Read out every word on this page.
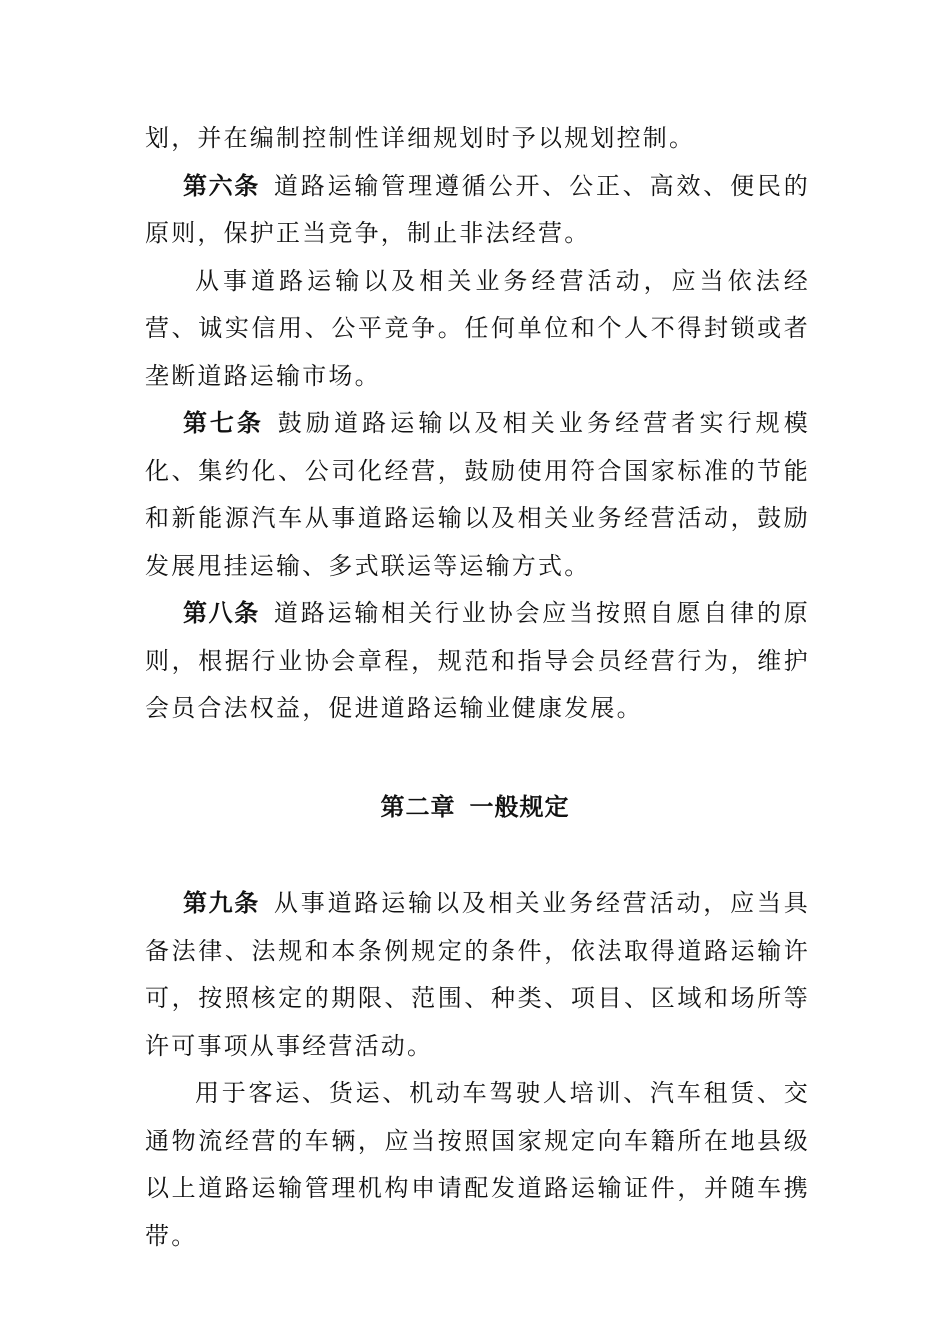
划，并在编制控制性详细规划时予以规划控制。

第六条 道路运输管理遵循公开、公正、高效、便民的原则，保护正当竞争，制止非法经营。

从事道路运输以及相关业务经营活动，应当依法经营、诚实信用、公平竞争。任何单位和个人不得封锁或者垄断道路运输市场。

第七条 鼓励道路运输以及相关业务经营者实行规模化、集约化、公司化经营，鼓励使用符合国家标准的节能和新能源汽车从事道路运输以及相关业务经营活动，鼓励发展甩挂运输、多式联运等运输方式。

第八条 道路运输相关行业协会应当按照自愿自律的原则，根据行业协会章程，规范和指导会员经营行为，维护会员合法权益，促进道路运输业健康发展。

第二章 一般规定

第九条 从事道路运输以及相关业务经营活动，应当具备法律、法规和本条例规定的条件，依法取得道路运输许可，按照核定的期限、范围、种类、项目、区域和场所等许可事项从事经营活动。

用于客运、货运、机动车驾驶人培训、汽车租赁、交通物流经营的车辆，应当按照国家规定向车籍所在地县级以上道路运输管理机构申请配发道路运输证件，并随车携带。
